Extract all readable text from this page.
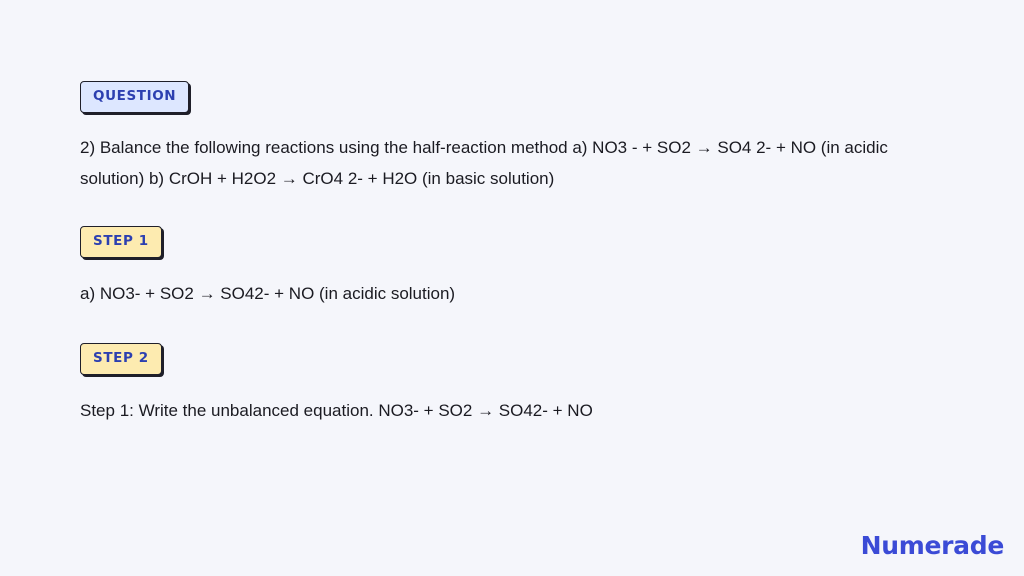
QUESTION

2) Balance the following reactions using the half-reaction method a) NO3 - + SO2 → SO4 2- + NO (in acidic solution) b) CrOH + H2O2 → CrO4 2- + H2O (in basic solution)

STEP 1

a) NO3- + SO2 → SO42- + NO (in acidic solution)

STEP 2

Step 1: Write the unbalanced equation. NO3- + SO2 → SO42- + NO

Numerade
